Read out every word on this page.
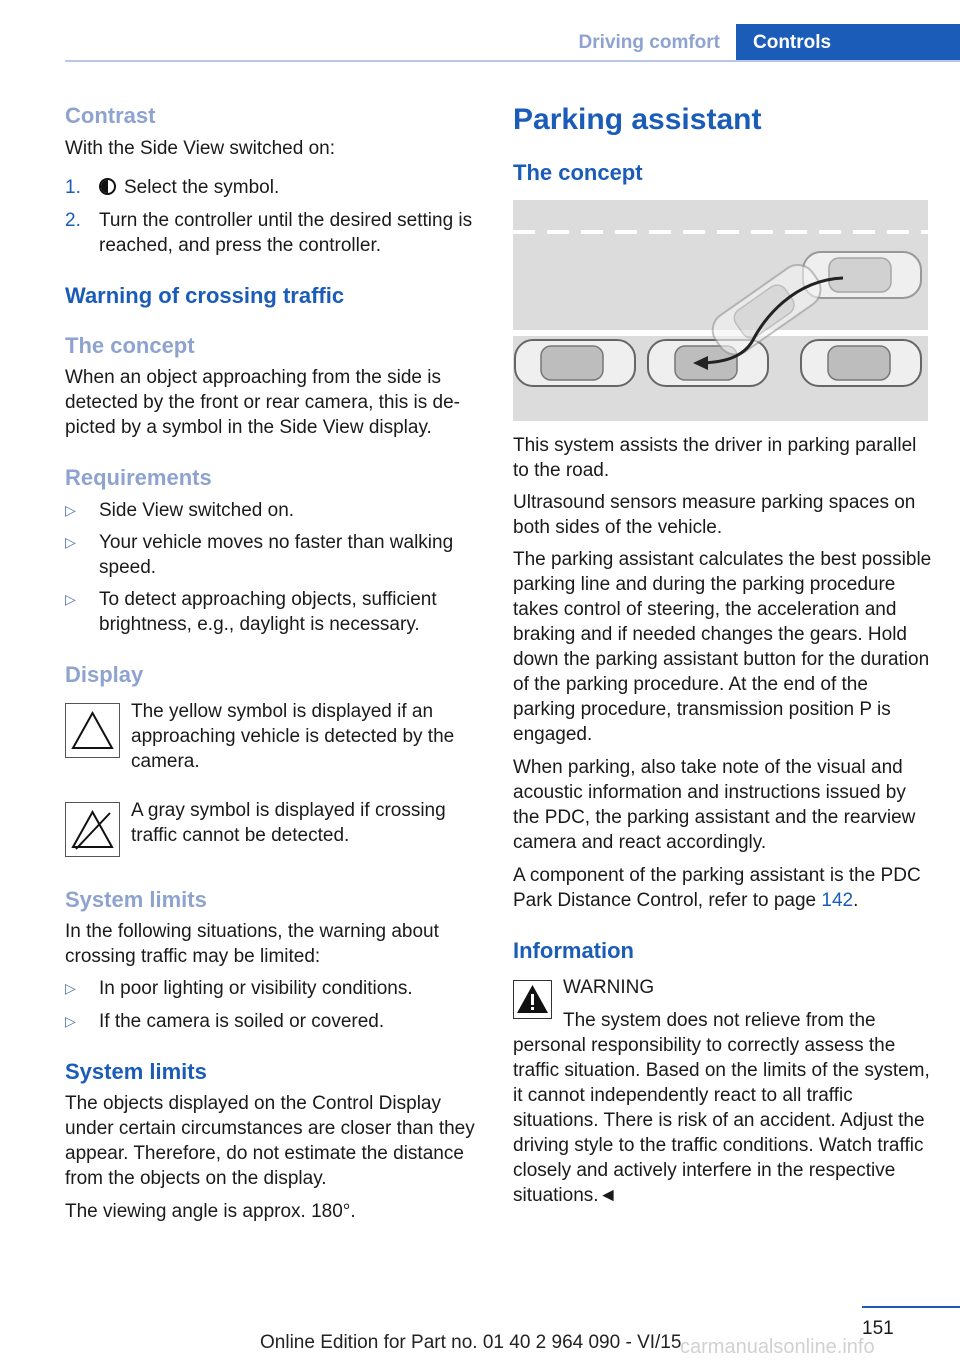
Driving comfort	Controls
Contrast
With the Side View switched on:
1.	Select the symbol.
2. Turn the controller until the desired setting is reached, and press the controller.
Warning of crossing traffic
The concept
When an object approaching from the side is detected by the front or rear camera, this is depicted by a symbol in the Side View display.
Requirements
▷ Side View switched on.
▷ Your vehicle moves no faster than walking speed.
▷ To detect approaching objects, sufficient brightness, e.g., daylight is necessary.
Display
The yellow symbol is displayed if an approaching vehicle is detected by the camera.
A gray symbol is displayed if crossing traffic cannot be detected.
System limits
In the following situations, the warning about crossing traffic may be limited:
▷ In poor lighting or visibility conditions.
▷ If the camera is soiled or covered.
System limits
The objects displayed on the Control Display under certain circumstances are closer than they appear. Therefore, do not estimate the distance from the objects on the display.
The viewing angle is approx. 180°.
Parking assistant
The concept
This system assists the driver in parking parallel to the road.
Ultrasound sensors measure parking spaces on both sides of the vehicle.
The parking assistant calculates the best possible parking line and during the parking procedure takes control of steering, the acceleration and braking and if needed changes the gears. Hold down the parking assistant button for the duration of the parking procedure. At the end of the parking procedure, transmission position P is engaged.
When parking, also take note of the visual and acoustic information and instructions issued by the PDC, the parking assistant and the rearview camera and react accordingly.
A component of the parking assistant is the PDC Park Distance Control, refer to page 142.
Information
WARNING
The system does not relieve from the personal responsibility to correctly assess the traffic situation. Based on the limits of the system, it cannot independently react to all traffic situations. There is risk of an accident. Adjust the driving style to the traffic conditions. Watch traffic closely and actively interfere in the respective situations.◄
151
Online Edition for Part no. 01 40 2 964 090 - VI/15
carmanualsonline.info
